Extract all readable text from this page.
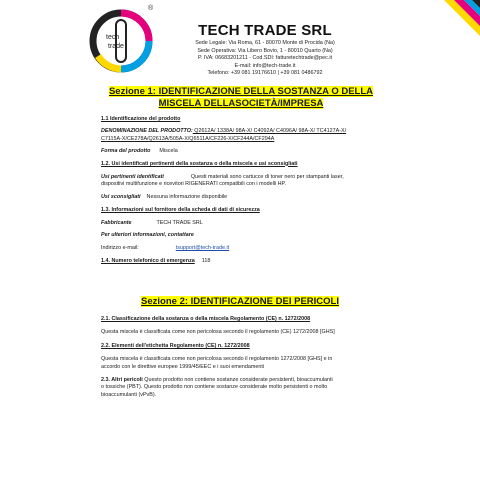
tech
trade
®
TECH TRADE SRL
Sede Legale: Via Roma, 61 - 80070 Monte di Procida (Na)
Sede Operativa: Via Libero Bovio, 1 - 80010 Quarto (Na)
P. IVA: 06683201211 - Cod.SDI: fatturetechtrade@pec.it
E-mail: info@tech-trade.it
Telefono: +39 081 19176610 | +39 081 0486792
Sezione 1: IDENTIFICAZIONE DELLA SOSTANZA O DELLA MISCELA DELLASOCIETÀ/IMPRESA
1.1 Identificazione del prodotto
DENOMINAZIONE DEL PRODOTTO: Q2612A/ 1338A/ 98A-X/ C4092A/ C4096A/ 98A-X/ TC4127A-X/
C7115A-X/CE278A/Q2613A/505A-X/Q6511A/CF226-X/CF244A/CF294A
Forma del prodotto Miscela
1.2. Usi identificati pertinenti della sostanza o della miscela e usi sconsigliati
Usi pertinenti identificati	Questi materiali sono cartucce di toner nero per stampanti laser,
dispositivi multifunzione e ricevitori RIGENERATI compatibili con i modelli HP.
Usi sconsigliati Nessuna informazione disponibile
1.3. Informazioni sul fornitore della scheda di dati di sicurezza
Fabbricante	TECH TRADE SRL
Per ulteriori informazioni, contattare
Indirizzo e-mail:	tsupport@tech-trade.it
1.4. Numero telefonico di emergenza 118
Sezione 2: IDENTIFICAZIONE DEI PERICOLI
2.1. Classificazione della sostanza o della miscela Regolamento (CE) n. 1272/2008
Questa miscela è classificata come non pericolosa secondo il regolamento (CE) 1272/2008 [GHS]
2.2. Elementi dell'etichetta Regolamento (CE) n. 1272/2008
Questa miscela è classificata come non pericolosa secondo il regolamento 1272/2008 [GHS] e in
accordo con le direttive europee 1999/45/EEC e i suoi emendamenti
2.3. Altri pericoli Questo prodotto non contiene sostanze considerate persistenti, bioaccumulanti
o tossiche (PBT). Questo prodotto non contiene sostanze considerate molto persistenti o molto
bioaccumulanti (vPvB).
